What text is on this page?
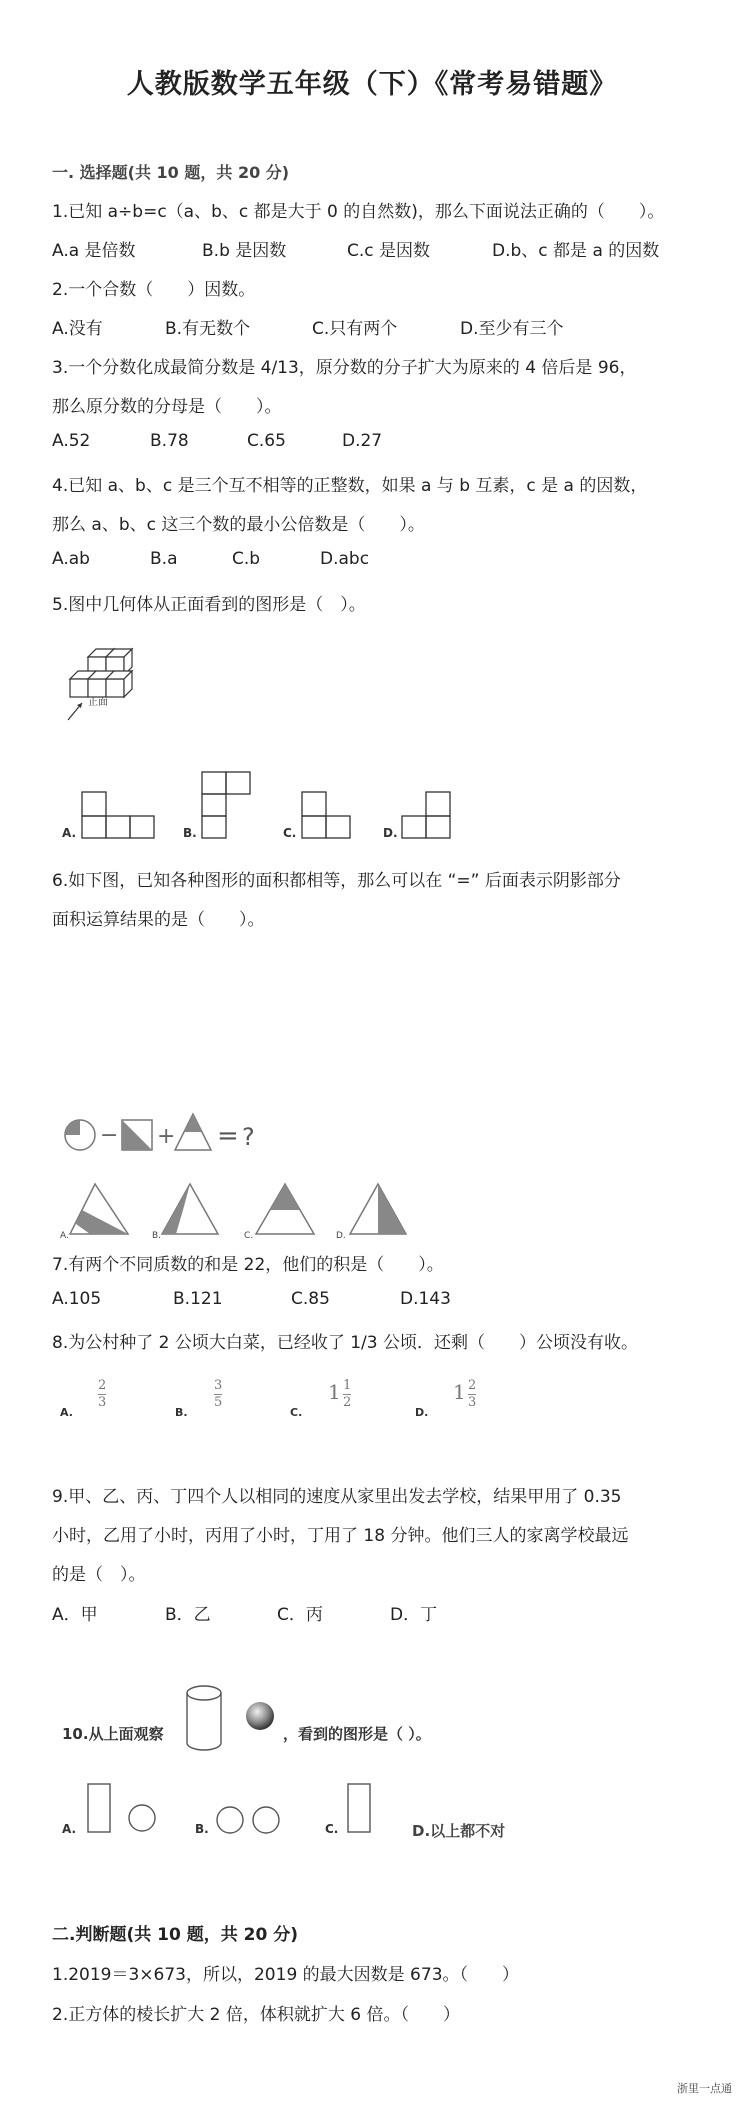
人教版数学五年级（下）《常考易错题》
一. 选择题(共 10 题，共 20 分)
1.已知 a÷b=c（a、b、c 都是大于 0 的自然数)，那么下面说法正确的（　　）。
A.a 是倍数	B.b 是因数	C.c 是因数	D.b、c 都是 a 的因数
2.一个合数（　　）因数。
A.没有	B.有无数个	C.只有两个	D.至少有三个
3.一个分数化成最简分数是 4/13，原分数的分子扩大为原来的 4 倍后是 96，
那么原分数的分母是（　　）。
A.52	B.78	C.65	D.27
4.已知 a、b、c 是三个互不相等的正整数，如果 a 与 b 互素，c 是 a 的因数，
那么 a、b、c 这三个数的最小公倍数是（　　）。
A.ab	B.a	C.b	D.abc
5.图中几何体从正面看到的图形是（　）。
正面
A.	B.	C.	D.
6.如下图，已知各种图形的面积都相等，那么可以在 “=” 后面表示阴影部分
面积运算结果的是（　　）。
− + = ?
A.	B.	C.	D.
7.有两个不同质数的和是 22，他们的积是（　　）。
A.105	B.121	C.85	D.143
8.为公村种了 2 公顷大白菜，已经收了 1/3 公顷．还剩（　　）公顷没有收。
A.
$\frac{2}{3}$
B.
$\frac{3}{5}$
C.
$1 \frac{1}{2}$
D.
$1 \frac{2}{3}$
9.甲、乙、丙、丁四个人以相同的速度从家里出发去学校，结果甲用了 0.35
小时，乙用了小时，丙用了小时，丁用了 18 分钟。他们三人的家离学校最远
的是（　）。
A．甲	B．乙	C．丙	D．丁
10.从上面观察	，看到的图形是（ ）。
A.	B.	C.	D.以上都不对
二.判断题(共 10 题，共 20 分)
1.2019＝3×673，所以，2019 的最大因数是 673。（　　）
2.正方体的棱长扩大 2 倍，体积就扩大 6 倍。（　　）
浙里一点通
